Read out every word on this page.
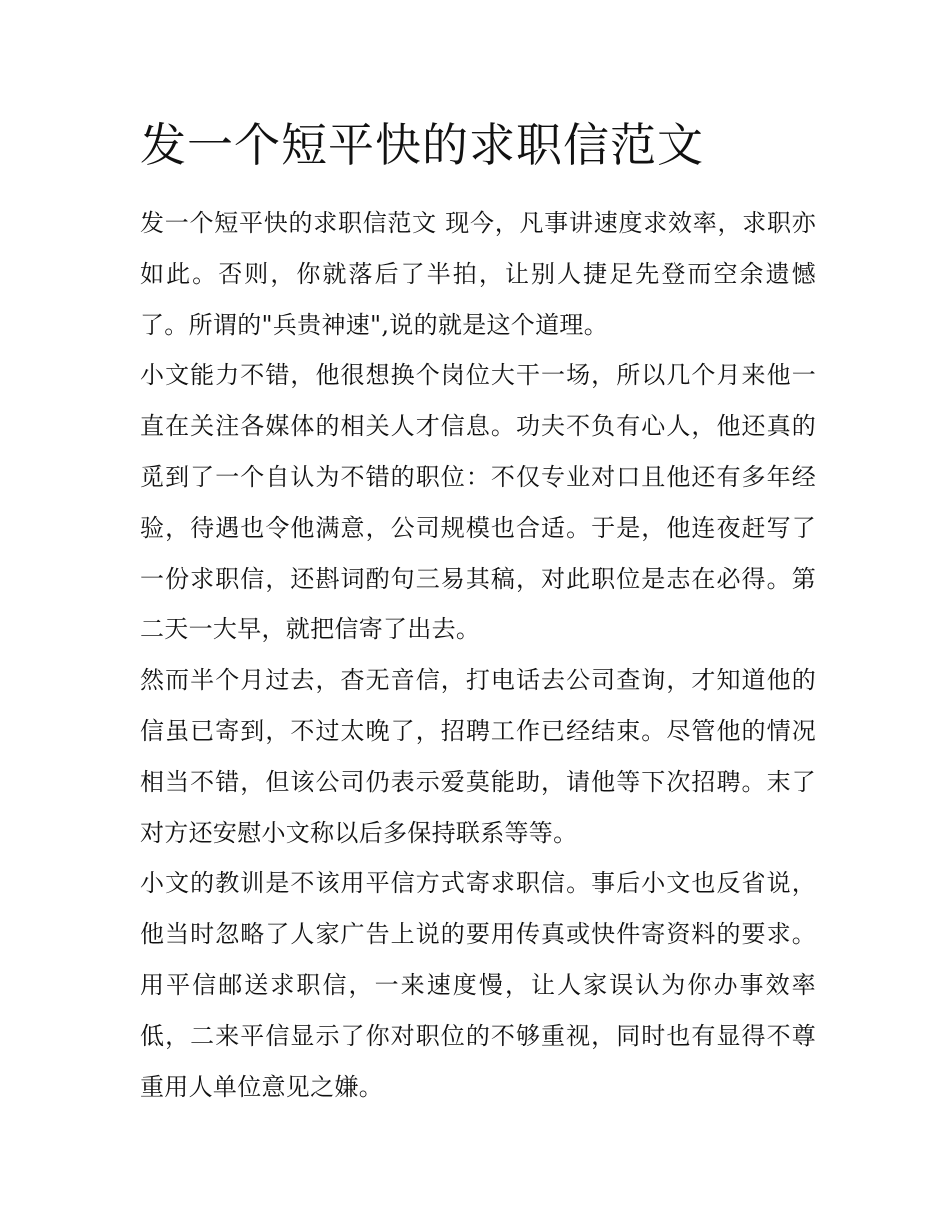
发一个短平快的求职信范文

发一个短平快的求职信范文 现今，凡事讲速度求效率，求职亦如此。否则，你就落后了半拍，让别人捷足先登而空余遗憾了。所谓的"兵贵神速",说的就是这个道理。

小文能力不错，他很想换个岗位大干一场，所以几个月来他一直在关注各媒体的相关人才信息。功夫不负有心人，他还真的觅到了一个自认为不错的职位：不仅专业对口且他还有多年经验，待遇也令他满意，公司规模也合适。于是，他连夜赶写了一份求职信，还斟词酌句三易其稿，对此职位是志在必得。第二天一大早，就把信寄了出去。

然而半个月过去，杳无音信，打电话去公司查询，才知道他的信虽已寄到，不过太晚了，招聘工作已经结束。尽管他的情况相当不错，但该公司仍表示爱莫能助，请他等下次招聘。末了对方还安慰小文称以后多保持联系等等。

小文的教训是不该用平信方式寄求职信。事后小文也反省说，他当时忽略了人家广告上说的要用传真或快件寄资料的要求。用平信邮送求职信，一来速度慢，让人家误认为你办事效率低，二来平信显示了你对职位的不够重视，同时也有显得不尊重用人单位意见之嫌。
